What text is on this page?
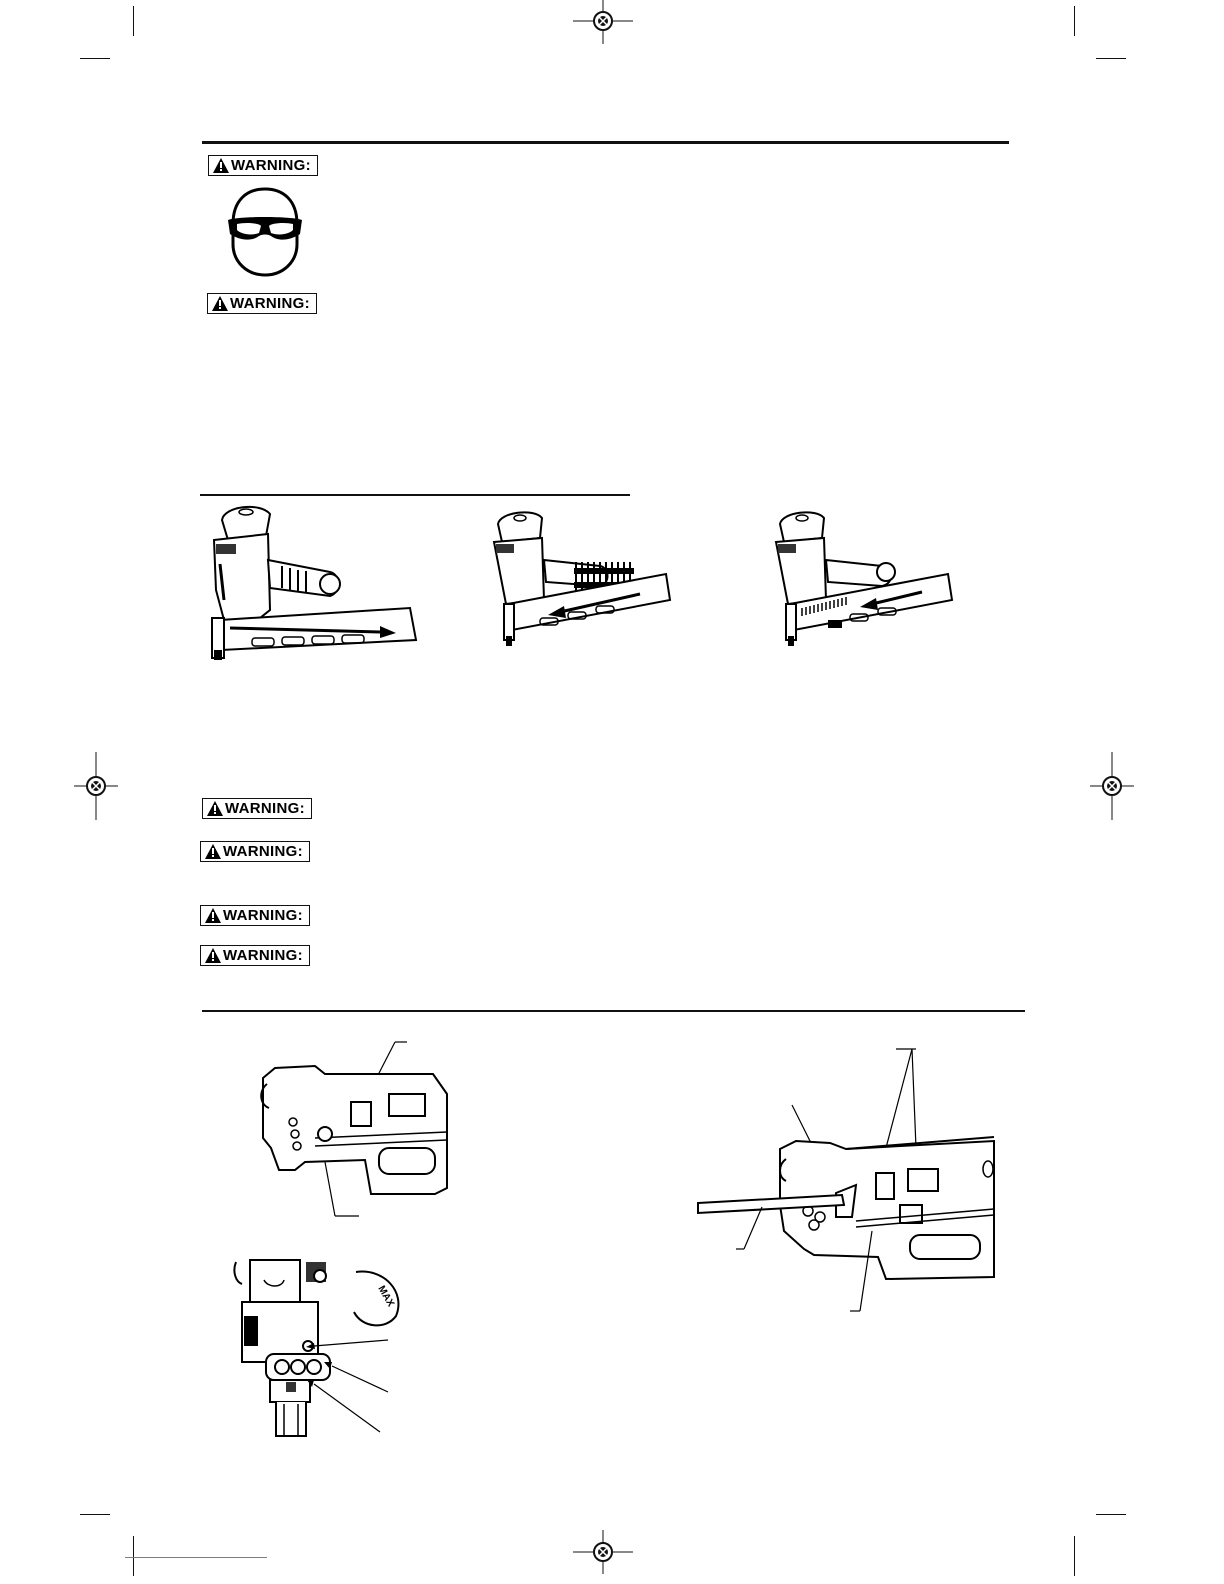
WARNING:
WARNING:
WARNING:
WARNING:
WARNING:
WARNING:
MAX
